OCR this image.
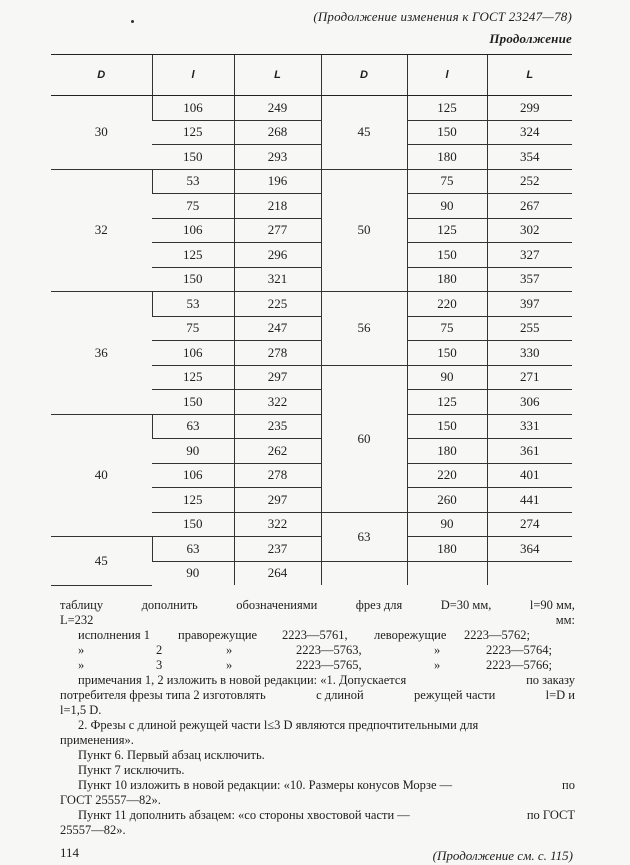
(Продолжение изменения к ГОСТ 23247—78)
Продолжение
D	l	L	D	l	L
30	106	249	45	125	299
	125	268		150	324
	150	293		180	354
32	53	196	50	75	252
	75	218		90	267
	106	277		125	302
	125	296		150	327
	150	321		180	357
36	53	225	56	220	397
	75	247		75	255
	106	278		150	330
	125	297	60	90	271
	150	322		125	306
40	63	235		150	331
	90	262		180	361
	106	278		220	401
	125	297		260	441
	150	322	63	90	274
45	63	237		180	364
	90	264			
таблицу	дополнить	обозначениями	фрез для	D=30 мм,	l=90 мм,
L=232 мм:
исполнения 1	праворежущие	2223—5761,	леворежущие	2223—5762;
»	2	»	2223—5763,	»	2223—5764;
»	3	»	2223—5765,	»	2223—5766;
примечания 1, 2 изложить в новой редакции: «1. Допускается	по заказу
потребителя фрезы типа 2 изготовлять	с длиной	режущей части	l=D и
l=1,5 D.
2. Фрезы с длиной режущей части l≤3 D являются предпочтительными для
применения».
Пункт 6. Первый абзац исключить.
Пункт 7 исключить.
Пункт 10 изложить в новой редакции: «10. Размеры конусов Морзе —	по
ГОСТ 25557—82».
Пункт 11 дополнить абзацем: «со стороны хвостовой части —	по ГОСТ
25557—82».
(Продолжение см. с. 115)
114
